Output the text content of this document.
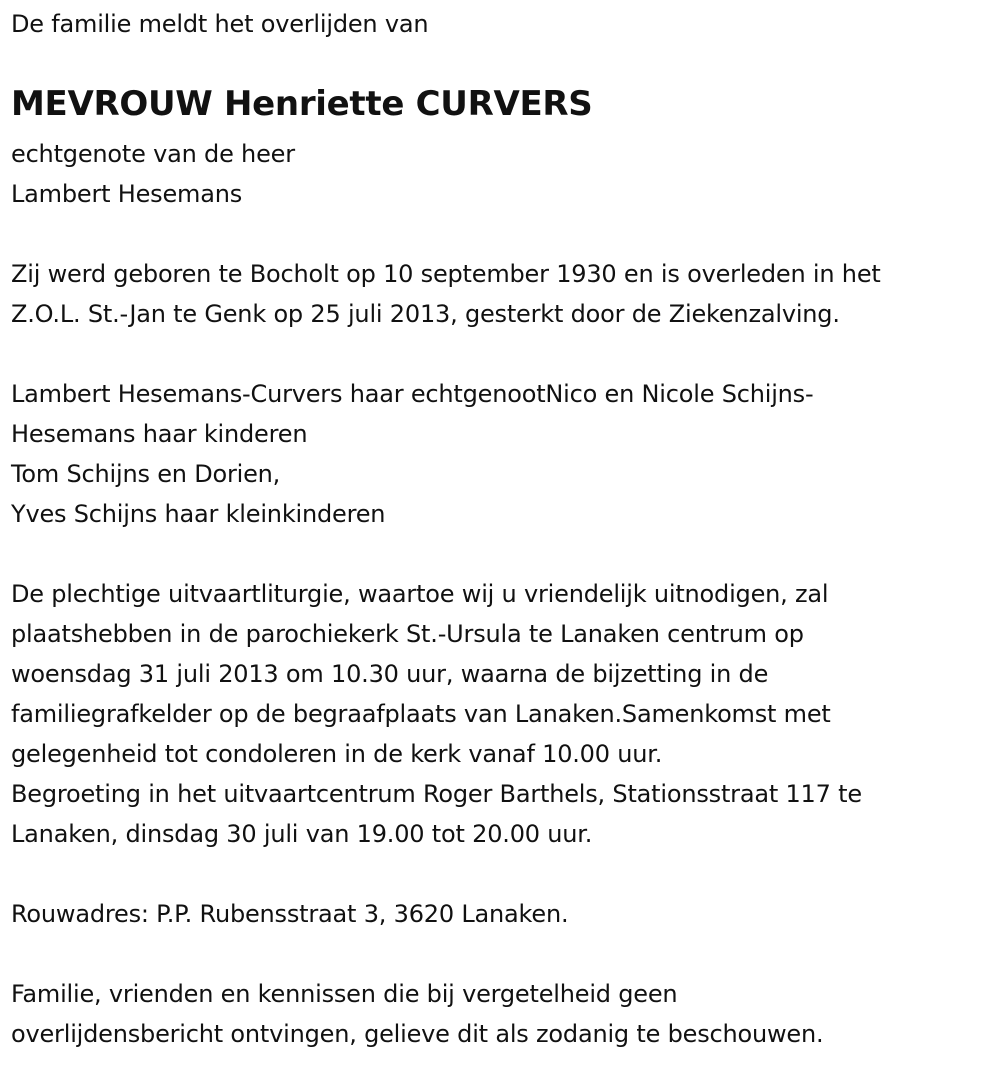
De familie meldt het overlijden van
MEVROUW Henriette CURVERS
echtgenote van de heer
Lambert Hesemans
Zij werd geboren te Bocholt op 10 september 1930 en is overleden in het
Z.O.L. St.-Jan te Genk op 25 juli 2013, gesterkt door de Ziekenzalving.
Lambert Hesemans-Curvers haar echtgenootNico en Nicole Schijns-
Hesemans haar kinderen
Tom Schijns en Dorien,
Yves Schijns haar kleinkinderen
De plechtige uitvaartliturgie, waartoe wij u vriendelijk uitnodigen, zal
plaatshebben in de parochiekerk St.-Ursula te Lanaken centrum op
woensdag 31 juli 2013 om 10.30 uur, waarna de bijzetting in de
familiegrafkelder op de begraafplaats van Lanaken.Samenkomst met
gelegenheid tot condoleren in de kerk vanaf 10.00 uur.
Begroeting in het uitvaartcentrum Roger Barthels, Stationsstraat 117 te
Lanaken, dinsdag 30 juli van 19.00 tot 20.00 uur.
Rouwadres: P.P. Rubensstraat 3, 3620 Lanaken.
Familie, vrienden en kennissen die bij vergetelheid geen
overlijdensbericht ontvingen, gelieve dit als zodanig te beschouwen.
